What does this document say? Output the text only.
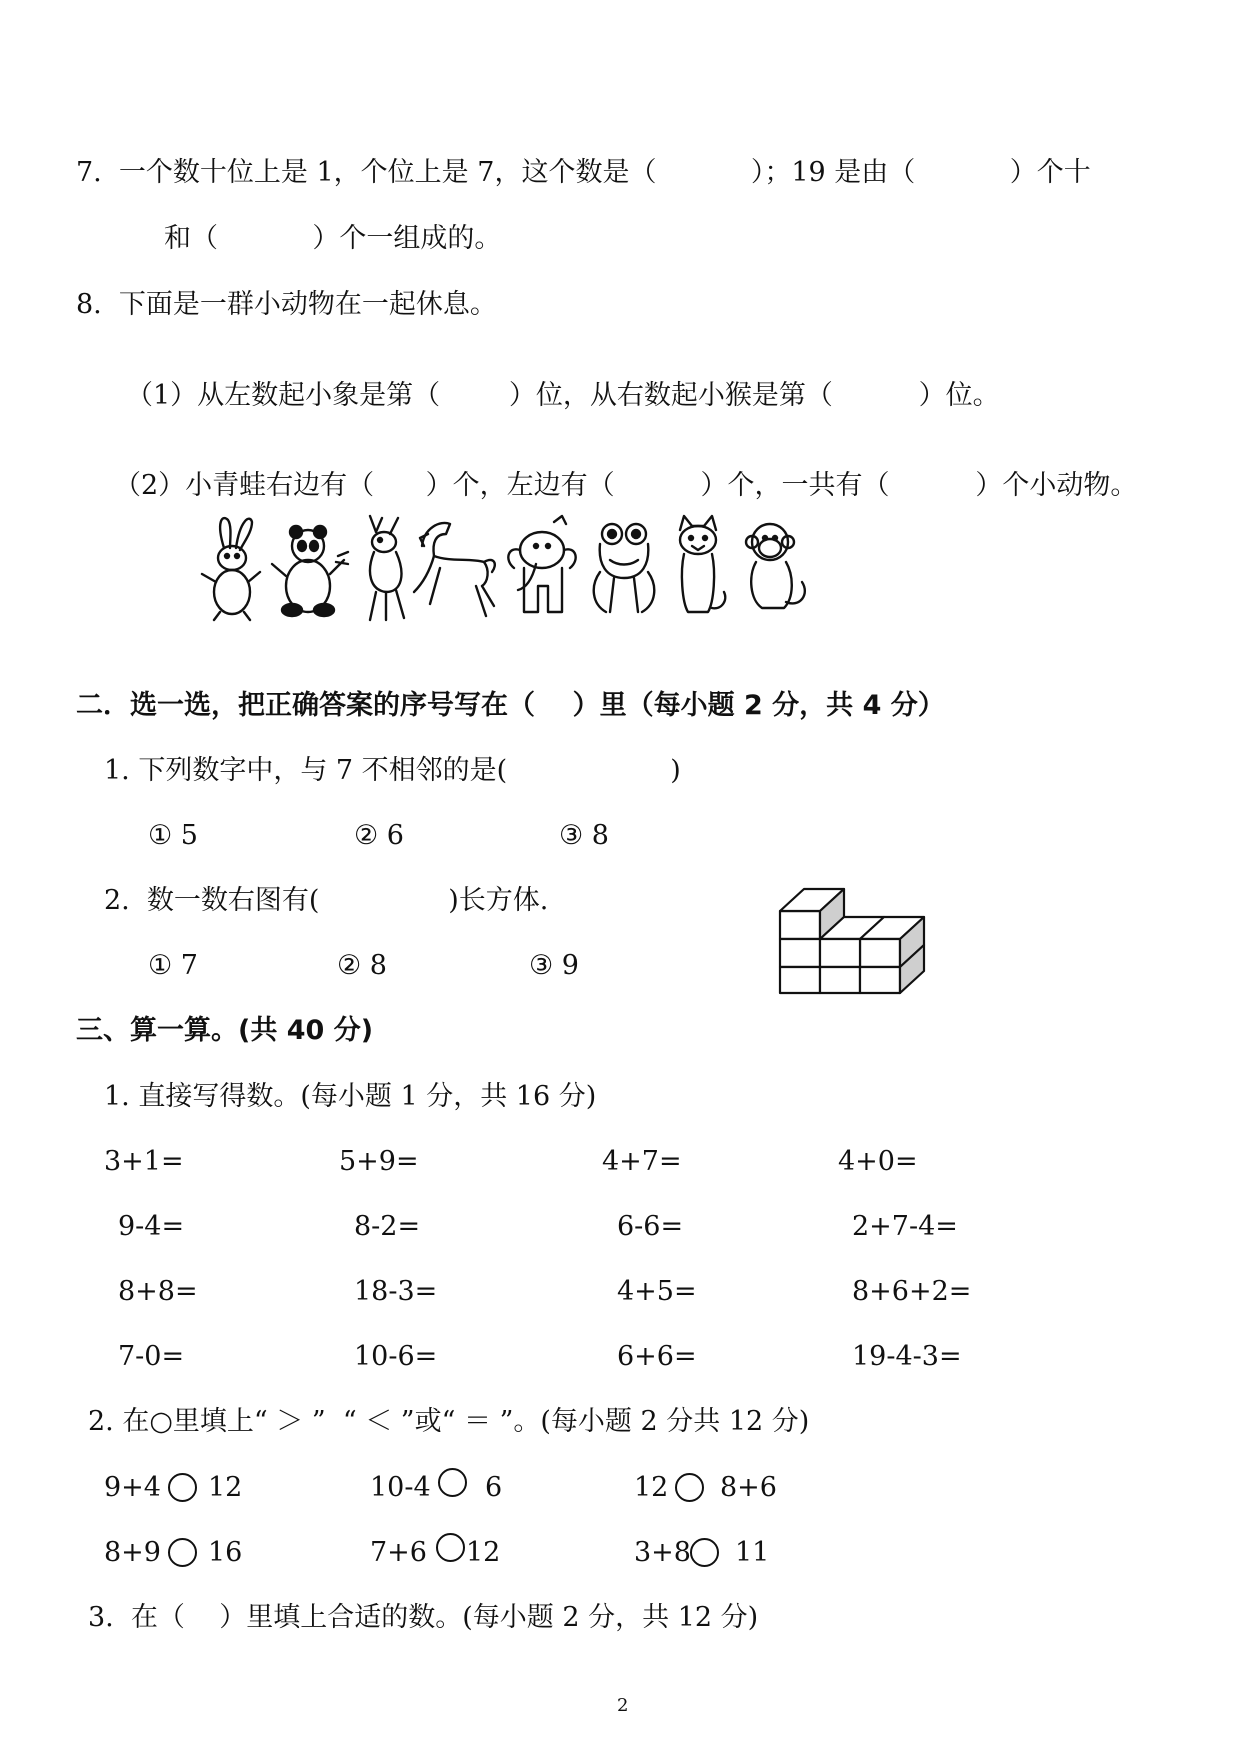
7.  一个数十位上是 1，个位上是 7，这个数是（           ）；19 是由（           ）个十
和（           ）个一组成的。
8.  下面是一群小动物在一起休息。
（1）从左数起小象是第（        ）位，从右数起小猴是第（          ）位。
（2）小青蛙右边有（      ）个，左边有（          ）个，一共有（          ）个小动物。
二．选一选，把正确答案的序号写在（    ）里（每小题 2 分，共 4 分）
1. 下列数字中，与 7 不相邻的是(                   )
① 5	② 6	③ 8
2.  数一数右图有(               )长方体.
① 7	② 8	③ 9
三、算一算。(共 40 分)
1. 直接写得数。(每小题 1 分，共 16 分)
3+1=	5+9=	4+7=	4+0=
9-4=	8-2=	6-6=	2+7-4=
8+8=	18-3=	4+5=	8+6+2=
7-0=	10-6=	6+6=	19-4-3=
2. 在○里填上“ ＞ ”  “ ＜ ”或“ ＝ ”。(每小题 2 分共 12 分)
9+4 12	10-4 6	12 8+6
8+9 16	7+6 12	3+8 11
3.  在（    ）里填上合适的数。(每小题 2 分，共 12 分)
2
